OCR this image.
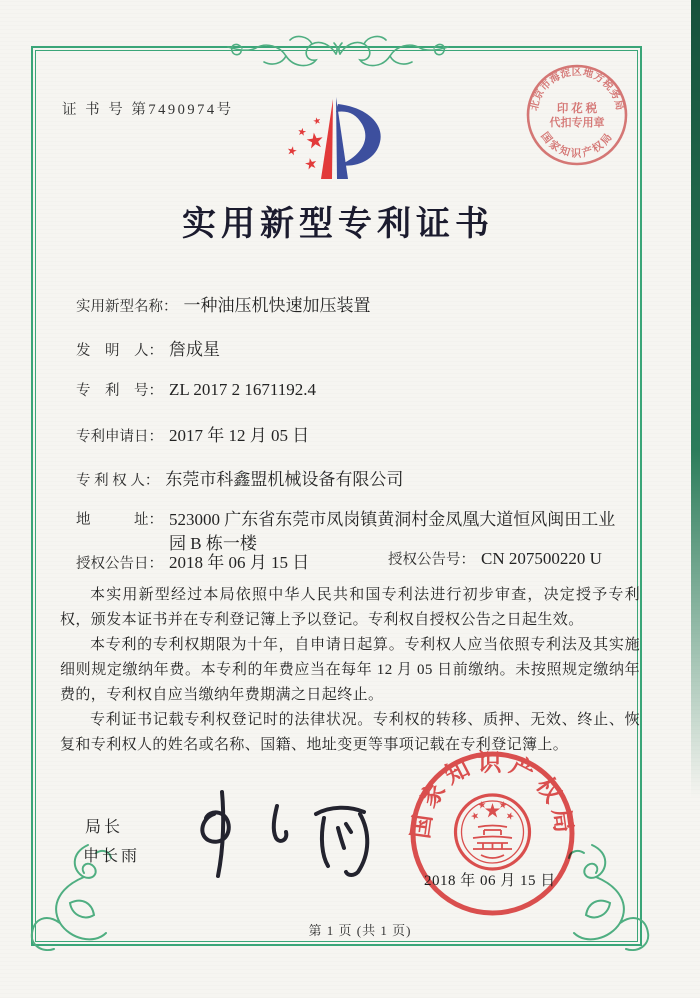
证 书 号 第7490974号
实用新型专利证书
实用新型名称： 一种油压机快速加压装置
发　明　人： 詹成星
专　利　号： ZL 2017 2 1671192.4
专利申请日： 2017 年 12 月 05 日
专 利 权 人： 东莞市科鑫盟机械设备有限公司
地　　　址： 523000 广东省东莞市凤岗镇黄洞村金凤凰大道恒风闽田工业园 B 栋一楼
授权公告日： 2018 年 06 月 15 日	授权公告号： CN 207500220 U

本实用新型经过本局依照中华人民共和国专利法进行初步审查，决定授予专利权，颁发本证书并在专利登记簿上予以登记。专利权自授权公告之日起生效。

本专利的专利权期限为十年，自申请日起算。专利权人应当依照专利法及其实施细则规定缴纳年费。本专利的年费应当在每年 12 月 05 日前缴纳。未按照规定缴纳年费的，专利权自应当缴纳年费期满之日起终止。

专利证书记载专利权登记时的法律状况。专利权的转移、质押、无效、终止、恢复和专利权人的姓名或名称、国籍、地址变更等事项记载在专利登记簿上。

局长
申长雨
国家知识产权局
2018 年 06 月 15 日
北京市海淀区地方税务局
印 花 税
代扣专用章
国家知识产权局
第 1 页 (共 1 页)
